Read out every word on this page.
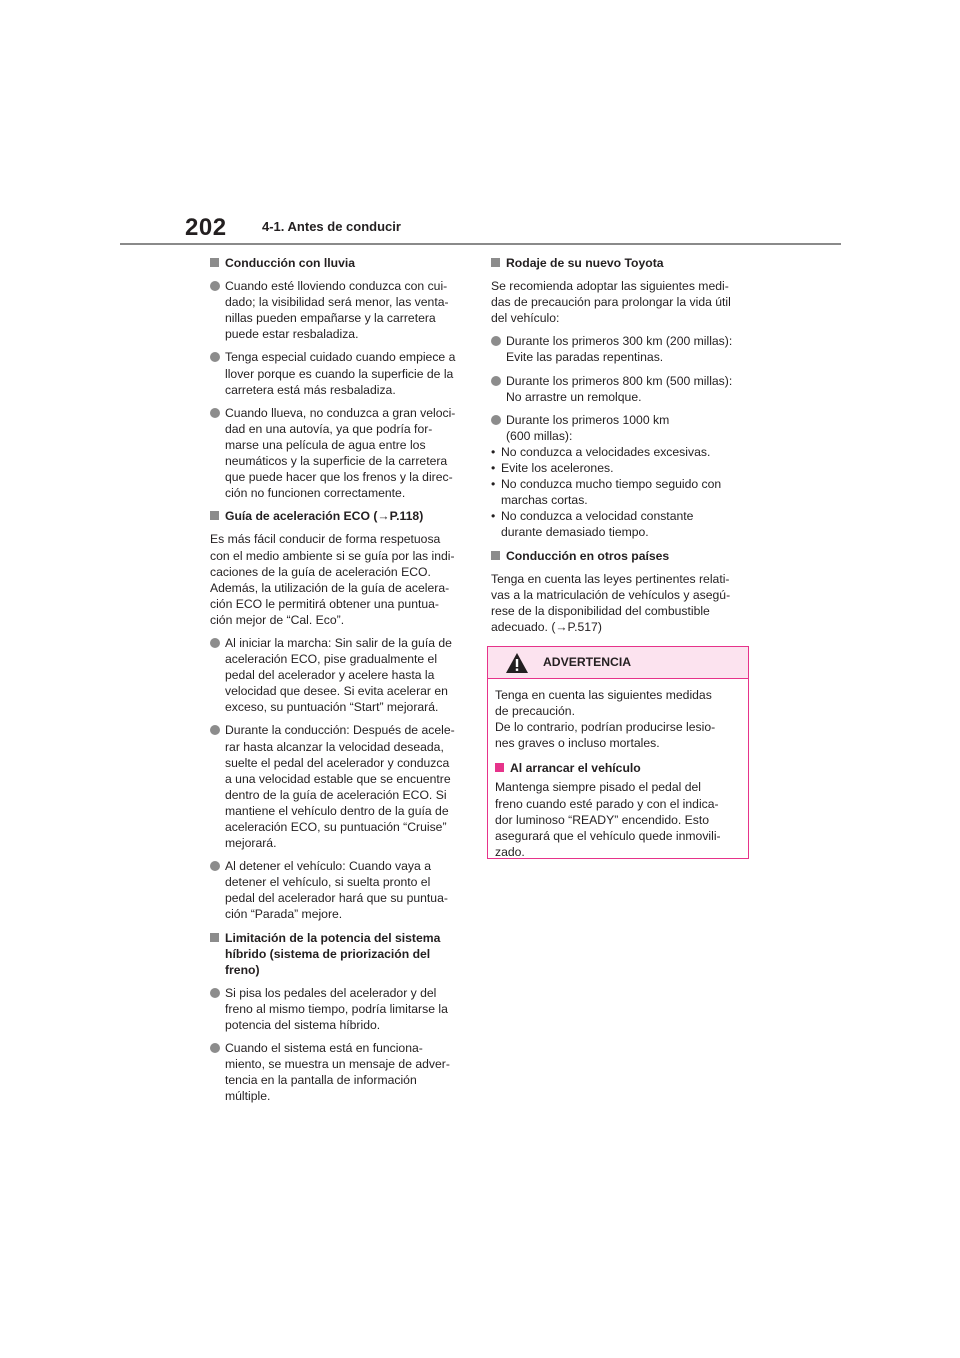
202	4-1. Antes de conducir
Conducción con lluvia
Cuando esté lloviendo conduzca con cui-
dado; la visibilidad será menor, las venta-
nillas pueden empañarse y la carretera
puede estar resbaladiza.
Tenga especial cuidado cuando empiece a
llover porque es cuando la superficie de la
carretera está más resbaladiza.
Cuando llueva, no conduzca a gran veloci-
dad en una autovía, ya que podría for-
marse una película de agua entre los
neumáticos y la superficie de la carretera
que puede hacer que los frenos y la direc-
ción no funcionen correctamente.
Guía de aceleración ECO (→P.118)
Es más fácil conducir de forma respetuosa
con el medio ambiente si se guía por las indi-
caciones de la guía de aceleración ECO.
Además, la utilización de la guía de acelera-
ción ECO le permitirá obtener una puntua-
ción mejor de “Cal. Eco”.
Al iniciar la marcha: Sin salir de la guía de
aceleración ECO, pise gradualmente el
pedal del acelerador y acelere hasta la
velocidad que desee. Si evita acelerar en
exceso, su puntuación “Start” mejorará.
Durante la conducción: Después de acele-
rar hasta alcanzar la velocidad deseada,
suelte el pedal del acelerador y conduzca
a una velocidad estable que se encuentre
dentro de la guía de aceleración ECO. Si
mantiene el vehículo dentro de la guía de
aceleración ECO, su puntuación “Cruise”
mejorará.
Al detener el vehículo: Cuando vaya a
detener el vehículo, si suelta pronto el
pedal del acelerador hará que su puntua-
ción “Parada” mejore.
Limitación de la potencia del sistema
híbrido (sistema de priorización del
freno)
Si pisa los pedales del acelerador y del
freno al mismo tiempo, podría limitarse la
potencia del sistema híbrido.
Cuando el sistema está en funciona-
miento, se muestra un mensaje de adver-
tencia en la pantalla de información
múltiple.
Rodaje de su nuevo Toyota
Se recomienda adoptar las siguientes medi-
das de precaución para prolongar la vida útil
del vehículo:
Durante los primeros 300 km (200 millas):
Evite las paradas repentinas.
Durante los primeros 800 km (500 millas):
No arrastre un remolque.
Durante los primeros 1000 km
(600 millas):
• No conduzca a velocidades excesivas.
• Evite los acelerones.
• No conduzca mucho tiempo seguido con
marchas cortas.
• No conduzca a velocidad constante
durante demasiado tiempo.
Conducción en otros países
Tenga en cuenta las leyes pertinentes relati-
vas a la matriculación de vehículos y asegú-
rese de la disponibilidad del combustible
adecuado. (→P.517)
ADVERTENCIA
Tenga en cuenta las siguientes medidas
de precaución.
De lo contrario, podrían producirse lesio-
nes graves o incluso mortales.
Al arrancar el vehículo
Mantenga siempre pisado el pedal del
freno cuando esté parado y con el indica-
dor luminoso “READY” encendido. Esto
asegurará que el vehículo quede inmovili-
zado.
